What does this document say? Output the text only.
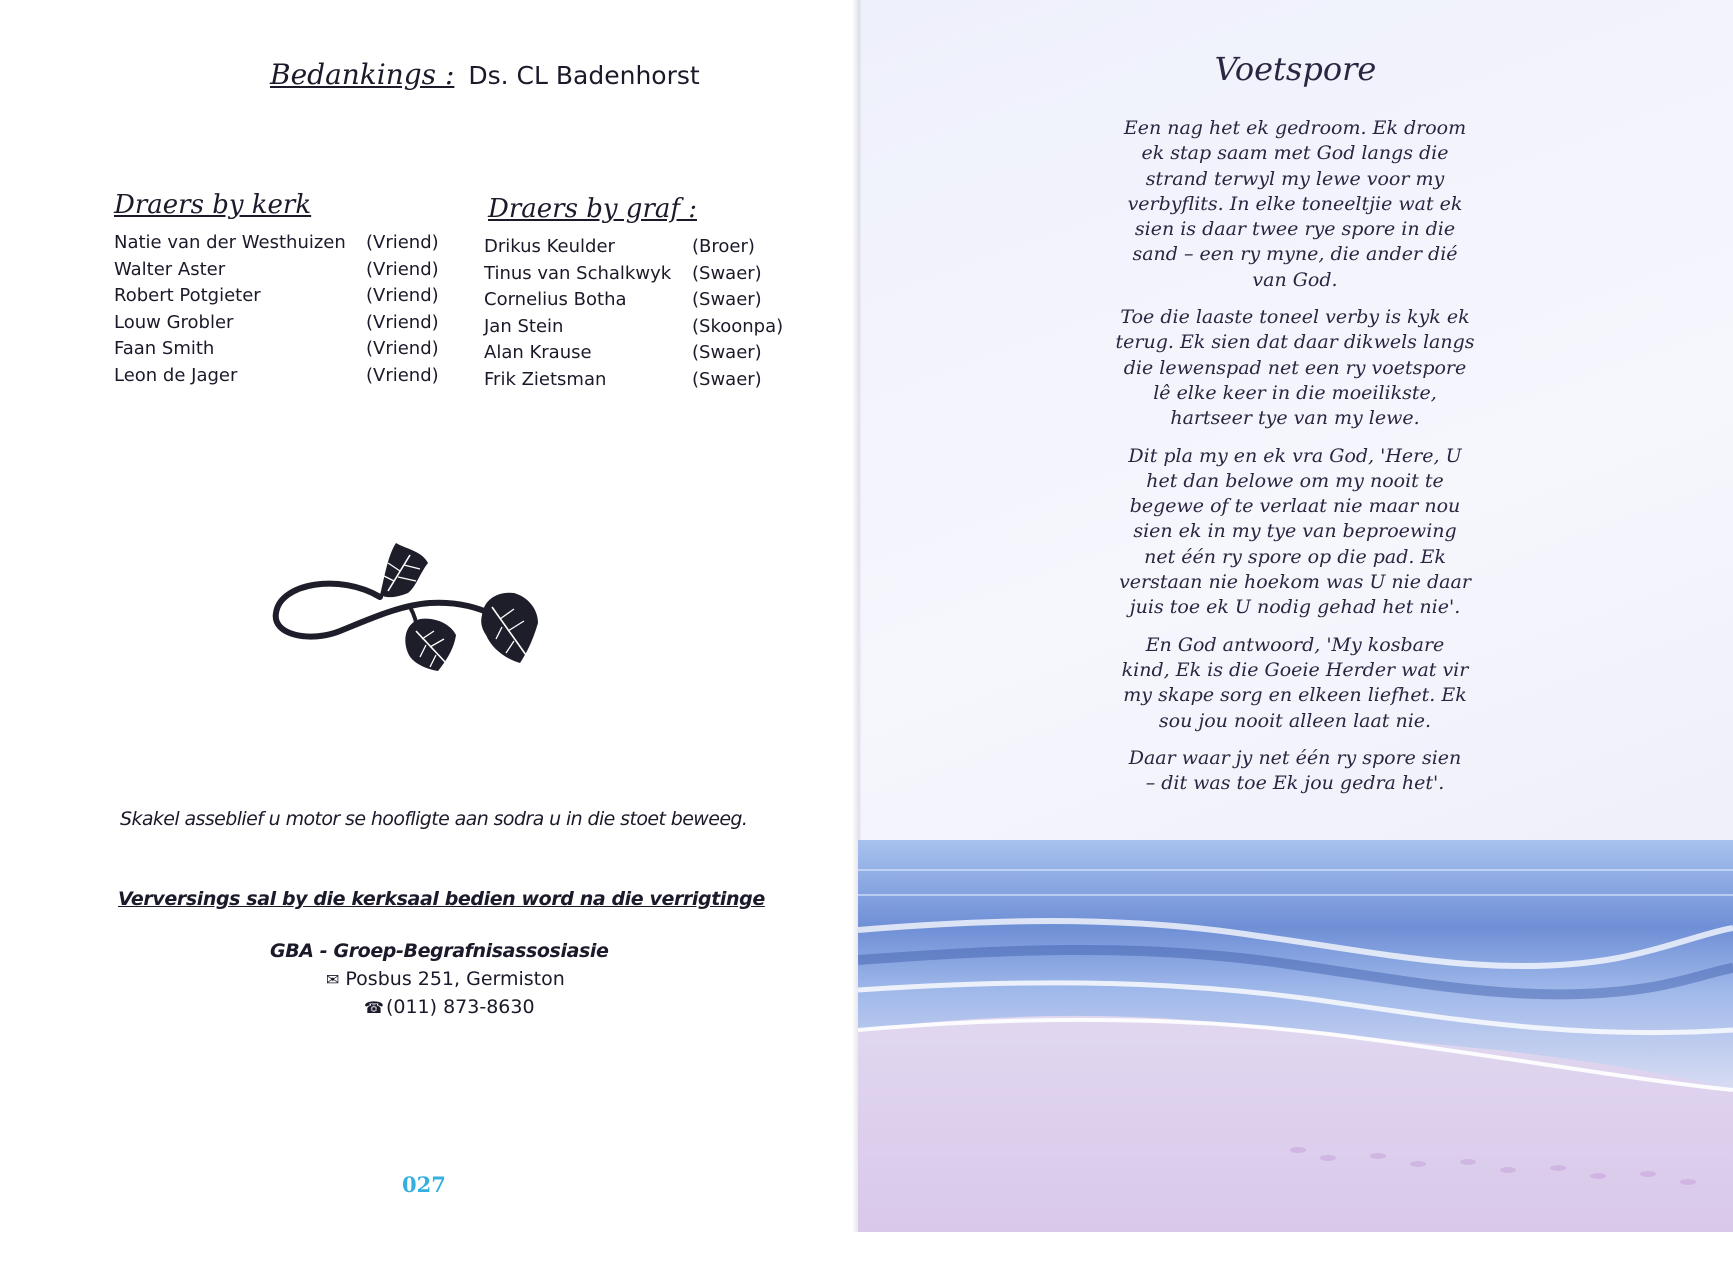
Bedankings : Ds. CL Badenhorst
Draers by kerk
Natie van der Westhuizen	(Vriend)
Walter Aster	(Vriend)
Robert Potgieter	(Vriend)
Louw Grobler	(Vriend)
Faan Smith	(Vriend)
Leon de Jager	(Vriend)
Draers by graf :
Drikus Keulder	(Broer)
Tinus van Schalkwyk	(Swaer)
Cornelius Botha	(Swaer)
Jan Stein	(Skoonpa)
Alan Krause	(Swaer)
Frik Zietsman	(Swaer)
Skakel asseblief u motor se hoofligte aan sodra u in die stoet beweeg.
Verversings sal by die kerksaal bedien word na die verrigtinge
GBA - Groep-Begrafnisassosiasie
✉ Posbus 251, Germiston
☎ (011) 873-8630
027
Voetspore
Een nag het ek gedroom. Ek droom
ek stap saam met God langs die
strand terwyl my lewe voor my
verbyflits. In elke toneeltjie wat ek
sien is daar twee rye spore in die
sand – een ry myne, die ander dié
van God.
Toe die laaste toneel verby is kyk ek
terug. Ek sien dat daar dikwels langs
die lewenspad net een ry voetspore
lê elke keer in die moeilikste,
hartseer tye van my lewe.
Dit pla my en ek vra God, 'Here, U
het dan belowe om my nooit te
begewe of te verlaat nie maar nou
sien ek in my tye van beproewing
net één ry spore op die pad. Ek
verstaan nie hoekom was U nie daar
juis toe ek U nodig gehad het nie'.
En God antwoord, 'My kosbare
kind, Ek is die Goeie Herder wat vir
my skape sorg en elkeen liefhet. Ek
sou jou nooit alleen laat nie.
Daar waar jy net één ry spore sien
– dit was toe Ek jou gedra het'.
